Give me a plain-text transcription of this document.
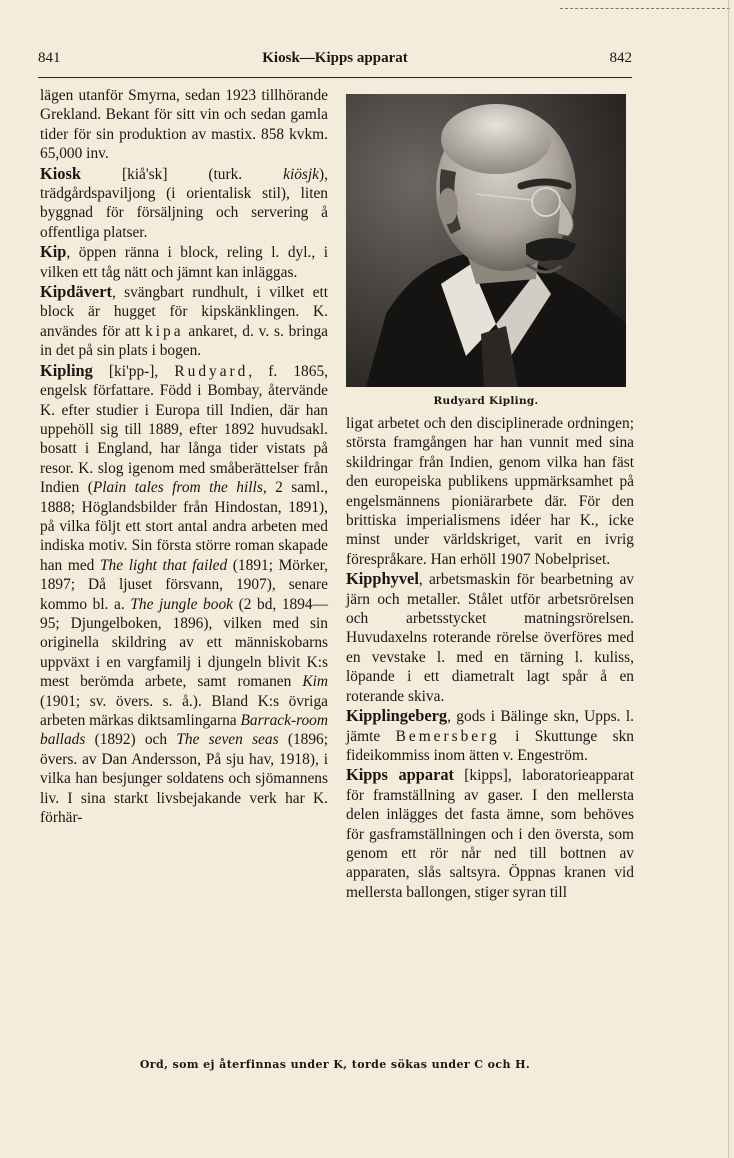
841	Kiosk—Kipps apparat	842

lägen utanför Smyrna, sedan 1923 tillhörande Grekland. Bekant för sitt vin och sedan gamla tider för sin produktion av mastix. 858 kvkm. 65,000 inv.

Kiosk [kiå'sk] (turk. kiösjk), trädgårdspaviljong (i orientalisk stil), liten byggnad för försäljning och servering å offentliga platser.

Kip, öppen ränna i block, reling l. dyl., i vilken ett tåg nätt och jämnt kan inläggas.

Kipdävert, svängbart rundhult, i vilket ett block är hugget för kipskänklingen. K. användes för att kipa ankaret, d. v. s. bringa in det på sin plats i bogen.

Kipling [ki'pp-], Rudyard, f. 1865, engelsk författare. Född i Bombay, återvände K. efter studier i Europa till Indien, där han uppehöll sig till 1889, efter 1892 huvudsakl. bosatt i England, har långa tider vistats på resor. K. slog igenom med småberättelser från Indien (Plain tales from the hills, 2 saml., 1888; Höglandsbilder från Hindostan, 1891), på vilka följt ett stort antal andra arbeten med indiska motiv. Sin första större roman skapade han med The light that failed (1891; Mörker, 1897; Då ljuset försvann, 1907), senare kommo bl. a. The jungle book (2 bd, 1894—95; Djungelboken, 1896), vilken med sin originella skildring av ett människobarns uppväxt i en vargfamilj i djungeln blivit K:s mest berömda arbete, samt romanen Kim (1901; sv. övers. s. å.). Bland K:s övriga arbeten märkas diktsamlingarna Barrack-room ballads (1892) och The seven seas (1896; övers. av Dan Andersson, På sju hav, 1918), i vilka han besjunger soldatens och sjömannens liv. I sina starkt livsbejakande verk har K. förhär-

Rudyard Kipling.

ligat arbetet och den disciplinerade ordningen; största framgången har han vunnit med sina skildringar från Indien, genom vilka han fäst den europeiska publikens uppmärksamhet på engelsmännens pioniärarbete där. För den brittiska imperialismens idéer har K., icke minst under världskriget, varit en ivrig förespråkare. Han erhöll 1907 Nobelpriset.

Kipphyvel, arbetsmaskin för bearbetning av järn och metaller. Stålet utför arbetsrörelsen och arbetsstycket matningsrörelsen. Huvudaxelns roterande rörelse överföres med en vevstake l. med en tärning l. kuliss, löpande i ett diametralt lagt spår å en roterande skiva.

Kipplingeberg, gods i Bälinge skn, Upps. l. jämte Bemersberg i Skuttunge skn fideikommiss inom ätten v. Engeström.

Kipps apparat [kipps], laboratorieapparat för framställning av gaser. I den mellersta delen inlägges det fasta ämne, som behöves för gasframställningen och i den översta, som genom ett rör når ned till bottnen av apparaten, slås saltsyra. Öppnas kranen vid mellersta ballongen, stiger syran till

Ord, som ej återfinnas under K, torde sökas under C och H.
